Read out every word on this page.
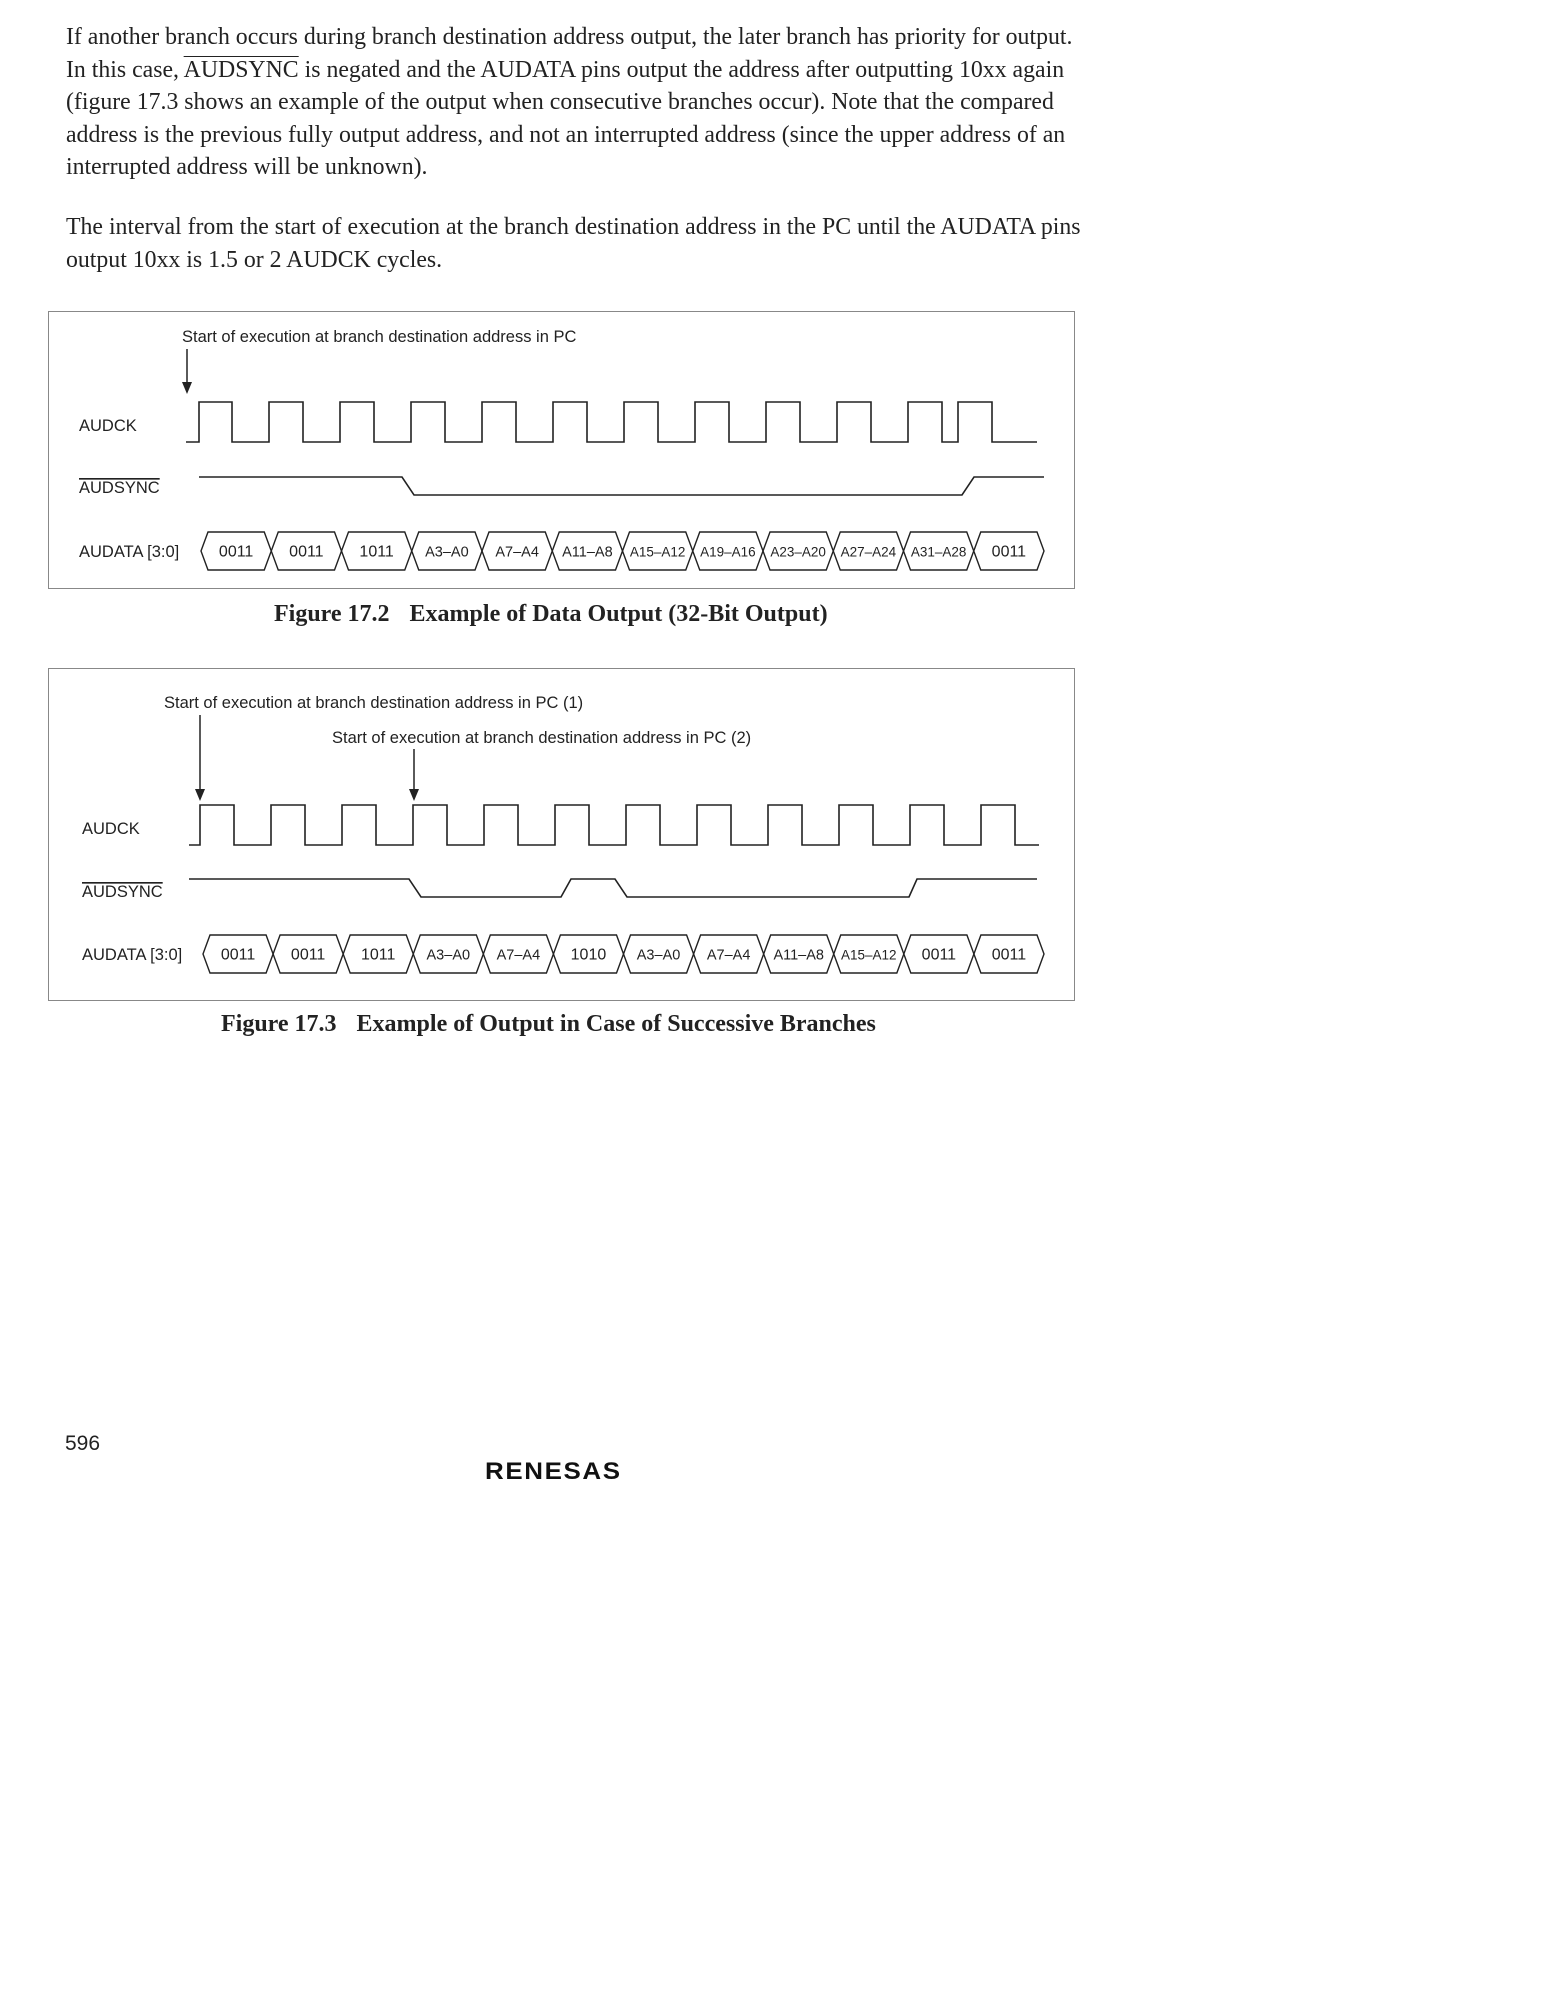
If another branch occurs during branch destination address output, the later branch has priority for output. In this case, AUDSYNC is negated and the AUDATA pins output the address after outputting 10xx again (figure 17.3 shows an example of the output when consecutive branches occur). Note that the compared address is the previous fully output address, and not an interrupted address (since the upper address of an interrupted address will be unknown).

The interval from the start of execution at the branch destination address in the PC until the AUDATA pins output 10xx is 1.5 or 2 AUDCK cycles.

Start of execution at branch destination address in PC
AUDCK
AUDSYNC
AUDATA [3:0] 0011 0011 1011 A3–A0 A7–A4 A11–A8 A15–A12 A19–A16 A23–A20 A27–A24 A31–A28 0011
Figure 17.2 Example of Data Output (32-Bit Output)
Start of execution at branch destination address in PC (1)
Start of execution at branch destination address in PC (2)
AUDCK
AUDSYNC
AUDATA [3:0] 0011 0011 1011 A3–A0 A7–A4 1010 A3–A0 A7–A4 A11–A8 A15–A12 0011 0011
Figure 17.3 Example of Output in Case of Successive Branches
596
RENESAS
